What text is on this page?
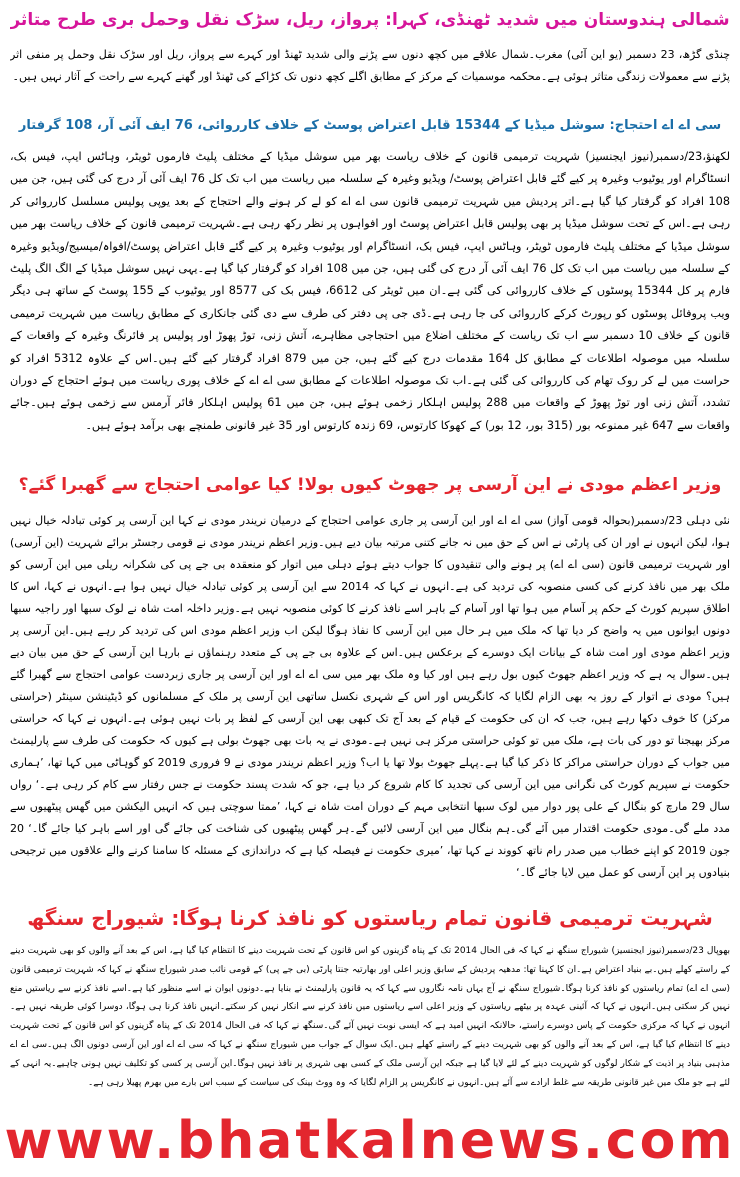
شمالی ہندوستان میں شدید ٹھنڈی، کہرا: پرواز، ریل، سڑک نقل وحمل بری طرح متاثر

چنڈی گڑھ، 23 دسمبر (یو این آئی) مغرب۔شمال علاقے میں کچھ دنوں سے پڑنے والی شدید ٹھنڈ اور کہرے سے پرواز، ریل اور سڑک نقل وحمل پر منفی اثر پڑنے سے معمولات زندگی متاثر ہوئی ہے۔محکمہ موسمیات کے مرکز کے مطابق اگلے کچھ دنوں تک کڑاکے کی ٹھنڈ اور گھنے کہرے سے راحت کے آثار نہیں ہیں۔

سی اے اے احتجاج: سوشل میڈیا کے 15344 قابل اعتراض پوسٹ کے خلاف کارروائی، 76 ایف آئی آر، 108 گرفتار

لکھنؤ،23/دسمبر(نیوز ایجنسیز) شہریت ترمیمی قانون کے خلاف ریاست بھر میں سوشل میڈیا کے مختلف پلیٹ فارموں ٹویٹر، وہاٹس ایپ، فیس بک، انسٹاگرام اور یوٹیوب وغیرہ پر کیے گئے قابل اعتراض پوسٹ/ ویڈیو وغیرہ کے سلسلہ میں ریاست میں اب تک کل 76 ایف آئی آر درج کی گئی ہیں، جن میں 108 افراد کو گرفتار کیا گیا ہے۔اتر پردیش میں شہریت ترمیمی قانون سی اے اے کو لے کر ہونے والے احتجاج کے بعد یوپی پولیس مسلسل کارروائی کر رہی ہے۔اس کے تحت سوشل میڈیا پر بھی پولیس قابل اعتراض پوسٹ اور افواہوں پر نظر رکھ رہی ہے۔شہریت ترمیمی قانون کے خلاف ریاست بھر میں سوشل میڈیا کے مختلف پلیٹ فارموں ٹویٹر، وہاٹس ایپ، فیس بک، انسٹاگرام اور یوٹیوب وغیرہ پر کیے گئے قابل اعتراض پوسٹ/افواہ/میسیج/ویڈیو وغیرہ کے سلسلہ میں ریاست میں اب تک کل 76 ایف آئی آر درج کی گئی ہیں، جن میں 108 افراد کو گرفتار کیا گیا ہے۔یہی نہیں سوشل میڈیا کے الگ الگ پلیٹ فارم پر کل 15344 پوسٹوں کے خلاف کارروائی کی گئی ہے۔ان میں ٹویٹر کی 6612، فیس بک کی 8577 اور یوٹیوب کے 155 پوسٹ کے ساتھ ہی دیگر ویب پروفائل پوسٹوں کو رپورٹ کرکے کارروائی کی جا رہی ہے۔ڈی جی پی دفتر کی طرف سے دی گئی جانکاری کے مطابق ریاست میں شہریت ترمیمی قانون کے خلاف 10 دسمبر سے اب تک ریاست کے مختلف اضلاع میں احتجاجی مظاہرے، آتش زنی، توڑ پھوڑ اور پولیس پر فائرنگ وغیرہ کے واقعات کے سلسلہ میں موصولہ اطلاعات کے مطابق کل 164 مقدمات درج کیے گئے ہیں، جن میں 879 افراد گرفتار کیے گئے ہیں۔اس کے علاوہ 5312 افراد کو حراست میں لے کر روک تھام کی کارروائی کی گئی ہے۔اب تک موصولہ اطلاعات کے مطابق سی اے اے کے خلاف پوری ریاست میں ہوئے احتجاج کے دوران تشدد، آتش زنی اور توڑ پھوڑ کے واقعات میں 288 پولیس اہلکار زخمی ہوئے ہیں، جن میں 61 پولیس اہلکار فائر آرمس سے زخمی ہوئے ہیں۔جائے واقعات سے 647 غیر ممنوعہ بور (315 بور، 12 بور) کے کھوکا کارتوس، 69 زندہ کارتوس اور 35 غیر قانونی طمنچے بھی برآمد ہوئے ہیں۔

وزیر اعظم مودی نے این آرسی پر جھوٹ کیوں بولا! کیا عوامی احتجاج سے گھبرا گئے؟

نئی دہلی 23/دسمبر(بحوالہ قومی آواز) سی اے اے اور این آرسی پر جاری عوامی احتجاج کے درمیان نریندر مودی نے کہا این آرسی پر کوئی تبادلہ خیال نہیں ہوا، لیکن انہوں نے اور ان کی پارٹی نے اس کے حق میں نہ جانے کتنی مرتبہ بیان دیے ہیں۔وزیر اعظم نریندر مودی نے قومی رجسٹر برائے شہریت (این آرسی) اور شہریت ترمیمی قانون (سی اے اے) پر ہونے والی تنقیدوں کا جواب دیتے ہوئے دہلی میں اتوار کو منعقدہ بی جے پی کی شکرانہ ریلی میں این آرسی کو ملک بھر میں نافذ کرنے کی کسی منصوبہ کی تردید کی ہے۔انہوں نے کہا کہ 2014 سے این آرسی پر کوئی تبادلہ خیال نہیں ہوا ہے۔انہوں نے کہا، اس کا اطلاق سپریم کورٹ کے حکم پر آسام میں ہوا تھا اور آسام کے باہر اسے نافذ کرنے کا کوئی منصوبہ نہیں ہے۔وزیر داخلہ امت شاہ نے لوک سبھا اور راجیہ سبھا دونوں ایوانوں میں یہ واضح کر دیا تھا کہ ملک میں ہر حال میں این آرسی کا نفاذ ہوگا لیکن اب وزیر اعظم مودی اس کی تردید کر رہے ہیں۔این آرسی پر وزیر اعظم مودی اور امت شاہ کے بیانات ایک دوسرے کے برعکس ہیں۔اس کے علاوہ بی جے پی کے متعدد رہنماؤں نے بارہا این آرسی کے حق میں بیان دیے ہیں۔سوال یہ ہے کہ وزیر اعظم جھوٹ کیوں بول رہے ہیں اور کیا وہ ملک بھر میں سی اے اے اور این آرسی پر جاری زبردست عوامی احتجاج سے گھبرا گئے ہیں؟ مودی نے اتوار کے روز یہ بھی الزام لگایا کہ کانگریس اور اس کے شہری نکسل ساتھی این آرسی پر ملک کے مسلمانوں کو ڈیٹینشن سینٹر (حراستی مرکز) کا خوف دکھا رہے ہیں، جب کہ ان کی حکومت کے قیام کے بعد آج تک کبھی بھی این آرسی کے لفظ پر بات نہیں ہوئی ہے۔انہوں نے کہا کہ حراستی مرکز بھیجنا تو دور کی بات ہے، ملک میں تو کوئی حراستی مرکز ہی نہیں ہے۔مودی نے یہ بات بھی جھوٹ بولی ہے کیوں کہ حکومت کی طرف سے پارلیمنٹ میں جواب کے دوران حراستی مراکز کا ذکر کیا گیا ہے۔پہلے جھوٹ بولا تھا یا اب؟ وزیر اعظم نریندر مودی نے 9 فروری 2019 کو گوہاٹی میں کہا تھا، ’ہماری حکومت نے سپریم کورٹ کی نگرانی میں این آرسی کی تجدید کا کام شروع کر دیا ہے، جو کہ شدت پسند حکومت نے جس رفتار سے کام کر رہی ہے۔‘ رواں سال 29 مارچ کو بنگال کے علی پور دوار میں لوک سبھا انتخابی مہم کے دوران امت شاہ نے کہا، ’ممتا سوچتی ہیں کہ انہیں الیکشن میں گھس پیٹھیوں سے مدد ملے گی۔مودی حکومت اقتدار میں آئے گی۔ہم بنگال میں این آرسی لائیں گے۔ہر گھس پیٹھیوں کی شناخت کی جائے گی اور اسے باہر کیا جائے گا۔‘ 20 جون 2019 کو اپنے خطاب میں صدر رام ناتھ کووند نے کہا تھا، ’میری حکومت نے فیصلہ کیا ہے کہ دراندازی کے مسئلہ کا سامنا کرنے والے علاقوں میں ترجیحی بنیادوں پر این آرسی کو عمل میں لایا جائے گا۔‘

شہریت ترمیمی قانون تمام ریاستوں کو نافذ کرنا ہوگا: شیوراج سنگھ

بھوپال 23/دسمبر(نیوز ایجنسیز) شیوراج سنگھ نے کہا کہ فی الحال 2014 تک کے پناہ گزینوں کو اس قانون کے تحت شہریت دینے کا انتظام کیا گیا ہے، اس کے بعد آنے والوں کو بھی شہریت دینے کے راستے کھلے ہیں۔بے بنیاد اعتراض ہے۔ان کا کہنا تھا: مدھیہ پردیش کے سابق وزیر اعلی اور بھارتیہ جنتا پارٹی (بی جے پی) کے قومی نائب صدر شیوراج سنگھ نے کہا کہ شہریت ترمیمی قانون (سی اے اے) تمام ریاستوں کو نافذ کرنا ہوگا۔شیوراج سنگھ نے آج یہاں نامہ نگاروں سے کہا کہ یہ قانون پارلیمنٹ نے بنایا ہے۔دونوں ایوان نے اسے منظور کیا ہے۔اسے نافذ کرنے سے ریاستیں منع نہیں کر سکتی ہیں۔انہوں نے کہا کہ آئینی عہدہ پر بیٹھے ریاستوں کے وزیر اعلی اسے ریاستوں میں نافذ کرنے سے انکار نہیں کر سکتے۔انہیں نافذ کرنا ہی ہوگا، دوسرا کوئی طریقہ نہیں ہے۔انہوں نے کہا کہ مرکزی حکومت کے پاس دوسرے راستے، حالانکہ انہیں امید ہے کہ ایسی نوبت نہیں آئے گی۔سنگھ نے کہا کہ فی الحال 2014 تک کے پناہ گزینوں کو اس قانون کے تحت شہریت دینے کا انتظام کیا گیا ہے، اس کے بعد آنے والوں کو بھی شہریت دینے کے راستے کھلے ہیں۔ایک سوال کے جواب میں شیوراج سنگھ نے کہا کہ سی اے اے اور این آرسی دونوں الگ ہیں۔سی اے اے مذہبی بنیاد پر اذیت کے شکار لوگوں کو شہریت دینے کے لئے لایا گیا ہے جبکہ این آرسی ملک کے کسی بھی شہری پر نافذ نہیں ہوگا۔این آرسی پر کسی کو تکلیف نہیں ہونی چاہیے۔یہ انہی کے لئے ہے جو ملک میں غیر قانونی طریقہ سے غلط ارادے سے آئے ہیں۔انہوں نے کانگریس پر الزام لگایا کہ وہ ووٹ بینک کی سیاست کے سبب اس بارے میں بھرم پھیلا رہی ہے۔

www.bhatkalnews.com
